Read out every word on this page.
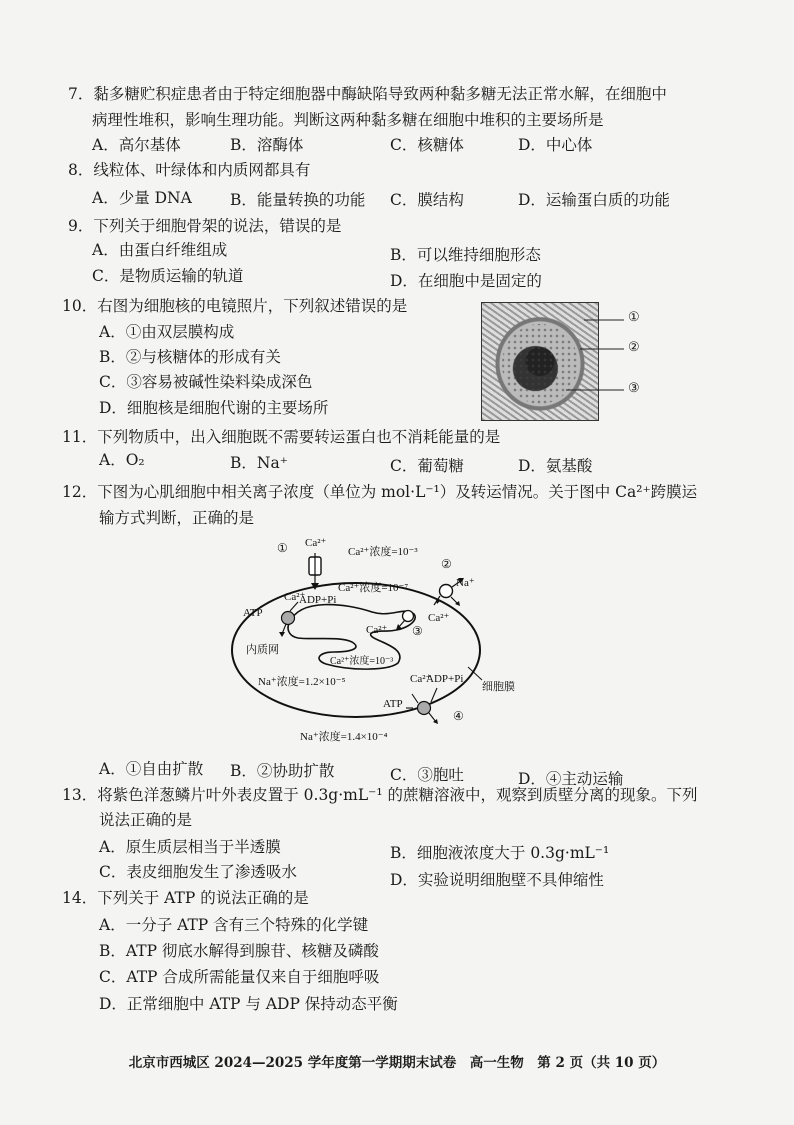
7．黏多糖贮积症患者由于特定细胞器中酶缺陷导致两种黏多糖无法正常水解，在细胞中
病理性堆积，影响生理功能。判断这两种黏多糖在细胞中堆积的主要场所是
A．高尔基体	B．溶酶体	C．核糖体	D．中心体
8．线粒体、叶绿体和内质网都具有
A．少量 DNA B．能量转换的功能 C．膜结构	D．运输蛋白质的功能
9．下列关于细胞骨架的说法，错误的是
A．由蛋白纤维组成	B．可以维持细胞形态
C．是物质运输的轨道	D．在细胞中是固定的
10．右图为细胞核的电镜照片，下列叙述错误的是
A．①由双层膜构成
B．②与核糖体的形成有关
C．③容易被碱性染料染成深色
D．细胞核是细胞代谢的主要场所
①
②
③
11．下列物质中，出入细胞既不需要转运蛋白也不消耗能量的是
A．O₂	B．Na⁺	C．葡萄糖	D．氨基酸
12．下图为心肌细胞中相关离子浓度（单位为 mol·L⁻¹）及转运情况。关于图中 Ca²⁺跨膜运
输方式判断，正确的是
① Ca²⁺
Ca²⁺浓度=10⁻³
②
Na⁺
Ca²⁺浓度=10⁻⁷
Ca²⁺
ADP+Pi
ATP	Ca²⁺
Ca²⁺ ③
内质网
Ca²⁺浓度=10⁻³
Na⁺浓度=1.2×10⁻⁵	Ca²⁺
ADP+Pi
细胞膜
ATP
④
Na⁺浓度=1.4×10⁻⁴
A．①自由扩散 B．②协助扩散	C．③胞吐	D．④主动运输
13．将紫色洋葱鳞片叶外表皮置于 0.3g·mL⁻¹ 的蔗糖溶液中，观察到质壁分离的现象。下列
说法正确的是
A．原生质层相当于半透膜	B．细胞液浓度大于 0.3g·mL⁻¹
C．表皮细胞发生了渗透吸水	D．实验说明细胞壁不具伸缩性
14．下列关于 ATP 的说法正确的是
A．一分子 ATP 含有三个特殊的化学键
B．ATP 彻底水解得到腺苷、核糖及磷酸
C．ATP 合成所需能量仅来自于细胞呼吸
D．正常细胞中 ATP 与 ADP 保持动态平衡
北京市西城区 2024—2025 学年度第一学期期末试卷　高一生物　第 2 页（共 10 页）
